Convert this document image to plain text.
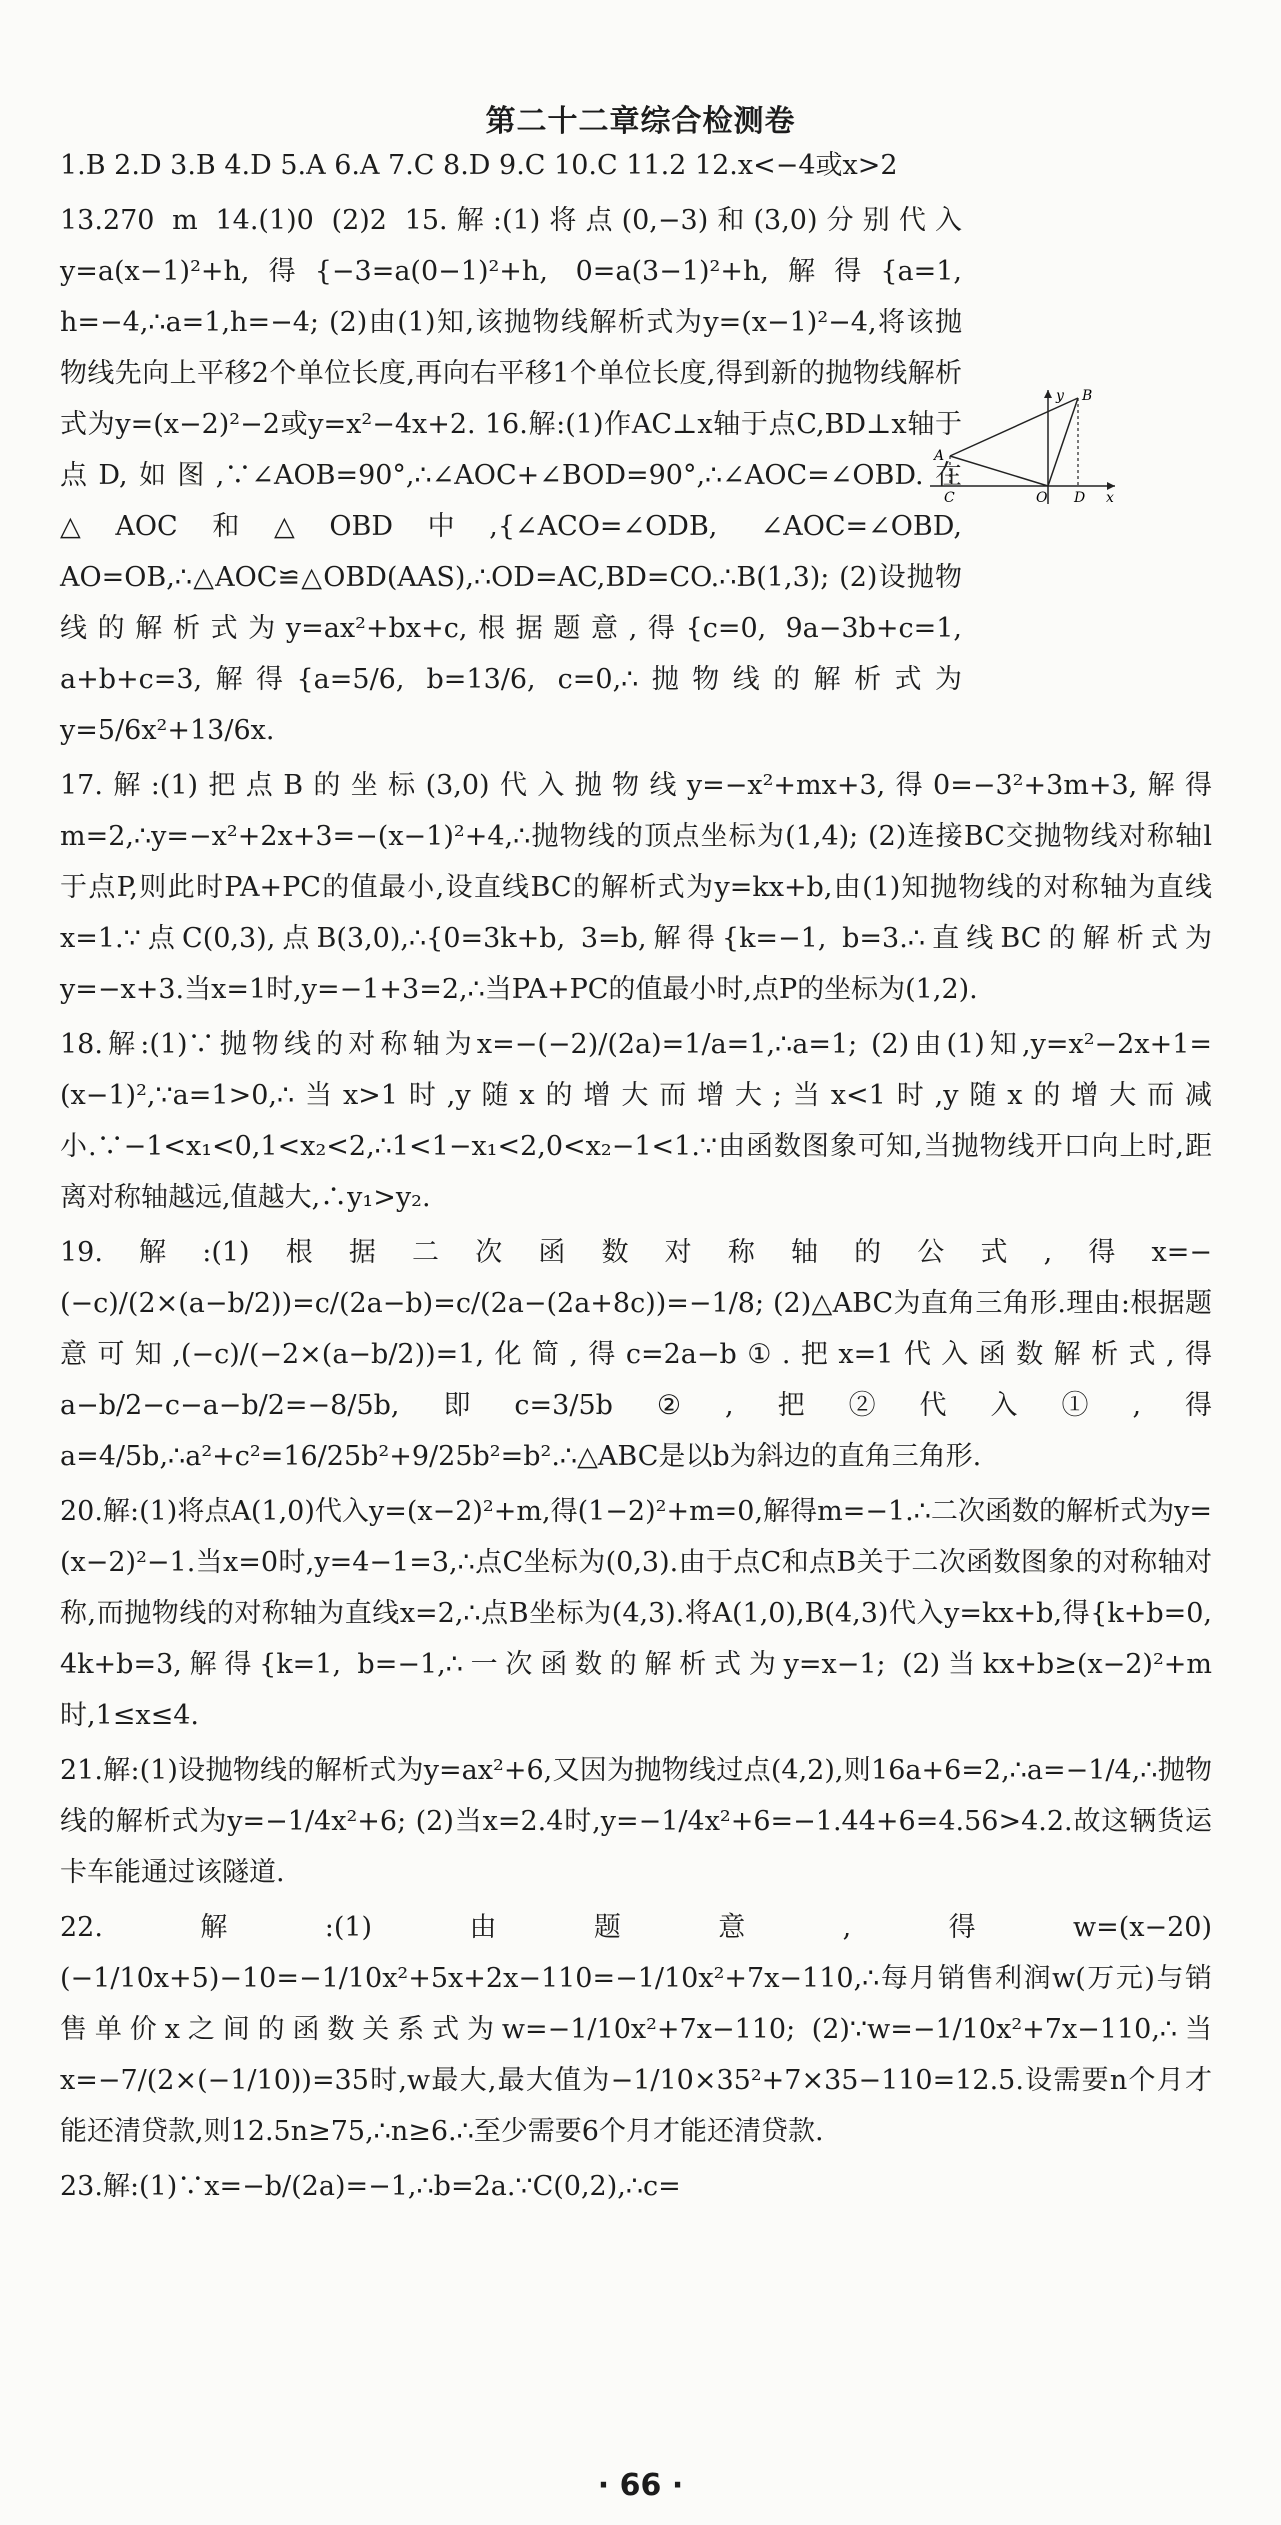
第二十二章综合检测卷

1.B 2.D 3.B 4.D 5.A 6.A 7.C 8.D 9.C 10.C 11.2 12.x<−4或x>2

13.270 m 14.(1)0 (2)2 15.解:(1)将点(0,−3)和(3,0)分别代入y=a(x−1)²+h,得{−3=a(0−1)²+h, 0=a(3−1)²+h,解得{a=1, h=−4,∴a=1,h=−4; (2)由(1)知,该抛物线解析式为y=(x−1)²−4,将该抛物线先向上平移2个单位长度,再向右平移1个单位长度,得到新的抛物线解析式为y=(x−2)²−2或y=x²−4x+2. 16.解:(1)作AC⊥x轴于点C,BD⊥x轴于点D,如图,∵∠AOB=90°,∴∠AOC+∠BOD=90°,∴∠AOC=∠OBD.在△AOC和△OBD中,{∠ACO=∠ODB, ∠AOC=∠OBD, AO=OB,∴△AOC≌△OBD(AAS),∴OD=AC,BD=CO.∴B(1,3); (2)设抛物线的解析式为y=ax²+bx+c,根据题意,得{c=0, 9a−3b+c=1, a+b+c=3,解得{a=5/6, b=13/6, c=0,∴抛物线的解析式为y=5/6x²+13/6x.

17.解:(1)把点B的坐标(3,0)代入抛物线y=−x²+mx+3,得0=−3²+3m+3,解得m=2,∴y=−x²+2x+3=−(x−1)²+4,∴抛物线的顶点坐标为(1,4); (2)连接BC交抛物线对称轴l于点P,则此时PA+PC的值最小,设直线BC的解析式为y=kx+b,由(1)知抛物线的对称轴为直线x=1.∵点C(0,3),点B(3,0),∴{0=3k+b, 3=b,解得{k=−1, b=3.∴直线BC的解析式为y=−x+3.当x=1时,y=−1+3=2,∴当PA+PC的值最小时,点P的坐标为(1,2).

18.解:(1)∵抛物线的对称轴为x=−(−2)/(2a)=1/a=1,∴a=1; (2)由(1)知,y=x²−2x+1=(x−1)²,∵a=1>0,∴当x>1时,y随x的增大而增大;当x<1时,y随x的增大而减小.∵−1<x₁<0,1<x₂<2,∴1<1−x₁<2,0<x₂−1<1.∵由函数图象可知,当抛物线开口向上时,距离对称轴越远,值越大,∴y₁>y₂.

19.解:(1)根据二次函数对称轴的公式,得x=−(−c)/(2×(a−b/2))=c/(2a−b)=c/(2a−(2a+8c))=−1/8; (2)△ABC为直角三角形.理由:根据题意可知,(−c)/(−2×(a−b/2))=1,化简,得c=2a−b①.把x=1代入函数解析式,得a−b/2−c−a−b/2=−8/5b,即c=3/5b②,把②代入①,得a=4/5b,∴a²+c²=16/25b²+9/25b²=b².∴△ABC是以b为斜边的直角三角形.

20.解:(1)将点A(1,0)代入y=(x−2)²+m,得(1−2)²+m=0,解得m=−1.∴二次函数的解析式为y=(x−2)²−1.当x=0时,y=4−1=3,∴点C坐标为(0,3).由于点C和点B关于二次函数图象的对称轴对称,而抛物线的对称轴为直线x=2,∴点B坐标为(4,3).将A(1,0),B(4,3)代入y=kx+b,得{k+b=0, 4k+b=3,解得{k=1, b=−1,∴一次函数的解析式为y=x−1; (2)当kx+b≥(x−2)²+m时,1≤x≤4.

21.解:(1)设抛物线的解析式为y=ax²+6,又因为抛物线过点(4,2),则16a+6=2,∴a=−1/4,∴抛物线的解析式为y=−1/4x²+6; (2)当x=2.4时,y=−1/4x²+6=−1.44+6=4.56>4.2.故这辆货运卡车能通过该隧道.

22.解:(1)由题意,得w=(x−20)(−1/10x+5)−10=−1/10x²+5x+2x−110=−1/10x²+7x−110,∴每月销售利润w(万元)与销售单价x之间的函数关系式为w=−1/10x²+7x−110; (2)∵w=−1/10x²+7x−110,∴当x=−7/(2×(−1/10))=35时,w最大,最大值为−1/10×35²+7×35−110=12.5.设需要n个月才能还清贷款,则12.5n≥75,∴n≥6.∴至少需要6个月才能还清贷款.

23.解:(1)∵x=−b/(2a)=−1,∴b=2a.∵C(0,2),∴c=

y
x
A
B
C	O D
· 66 ·
